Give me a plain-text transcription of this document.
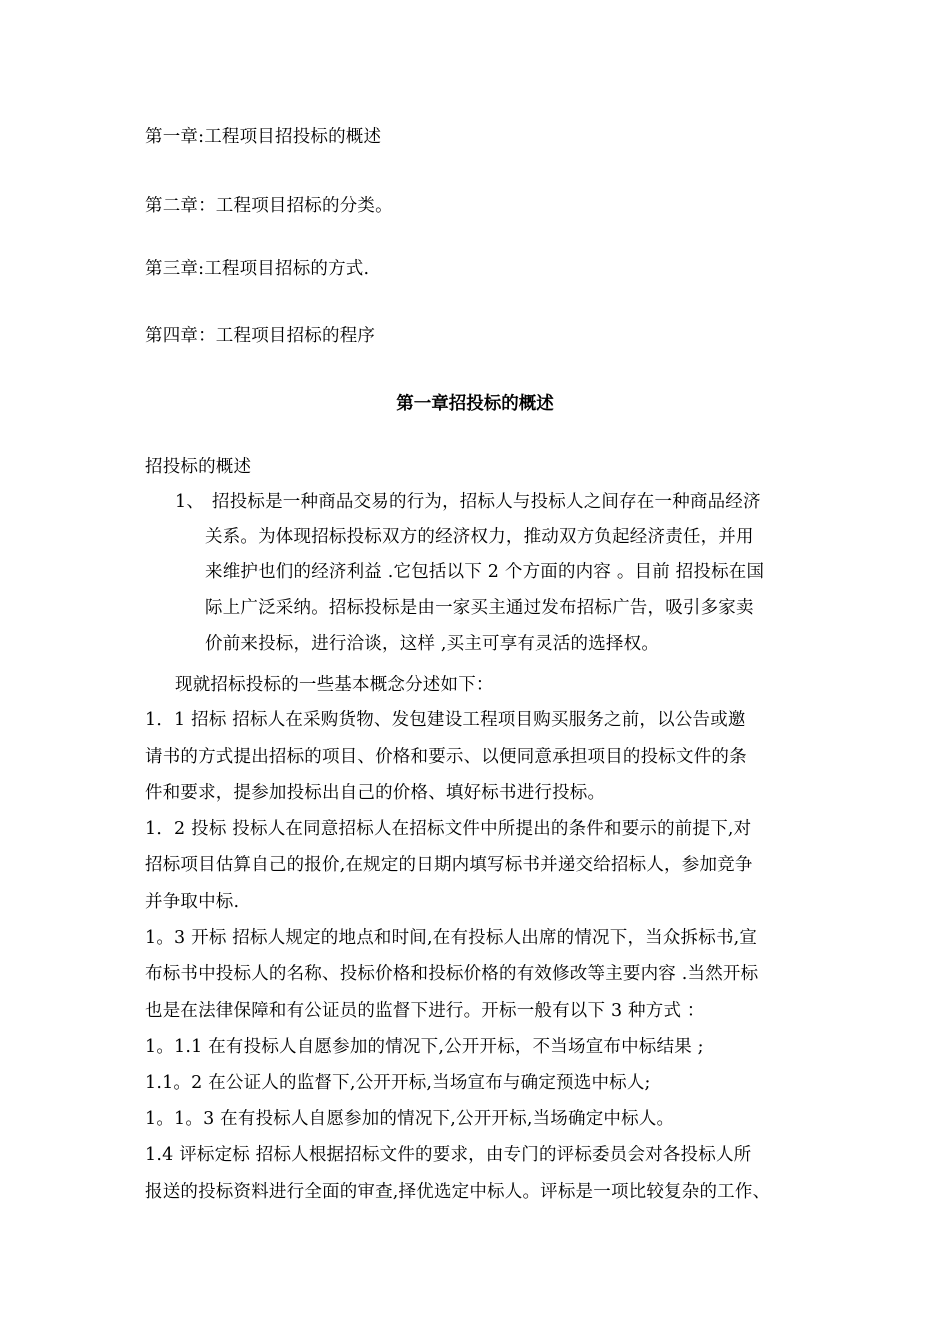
第一章:工程项目招投标的概述
第二章：工程项目招标的分类。
第三章:工程项目招标的方式.
第四章：工程项目招标的程序
第一章招投标的概述
招投标的概述
1、 招投标是一种商品交易的行为，招标人与投标人之间存在一种商品经济
关系。为体现招标投标双方的经济权力，推动双方负起经济责任，并用
来维护也们的经济利益 .它包括以下 2 个方面的内容 。目前 招投标在国
际上广泛采纳。招标投标是由一家买主通过发布招标广告，吸引多家卖
价前来投标，进行洽谈，这样 ,买主可享有灵活的选择权。
现就招标投标的一些基本概念分述如下：
1．1 招标 招标人在采购货物、发包建设工程项目购买服务之前，以公告或邀
请书的方式提出招标的项目、价格和要示、以便同意承担项目的投标文件的条
件和要求，提参加投标出自己的价格、填好标书进行投标。
1．2 投标 投标人在同意招标人在招标文件中所提出的条件和要示的前提下,对
招标项目估算自己的报价,在规定的日期内填写标书并递交给招标人，参加竞争
并争取中标.
1。3 开标 招标人规定的地点和时间,在有投标人出席的情况下，当众拆标书,宣
布标书中投标人的名称、投标价格和投标价格的有效修改等主要内容 .当然开标
也是在法律保障和有公证员的监督下进行。开标一般有以下 3 种方式 ：
1。1.1 在有投标人自愿参加的情况下,公开开标，不当场宣布中标结果 ;
1.1。2 在公证人的监督下,公开开标,当场宣布与确定预选中标人;
1。1。3 在有投标人自愿参加的情况下,公开开标,当场确定中标人。
1.4 评标定标 招标人根据招标文件的要求，由专门的评标委员会对各投标人所
报送的投标资料进行全面的审查,择优选定中标人。评标是一项比较复杂的工作、
